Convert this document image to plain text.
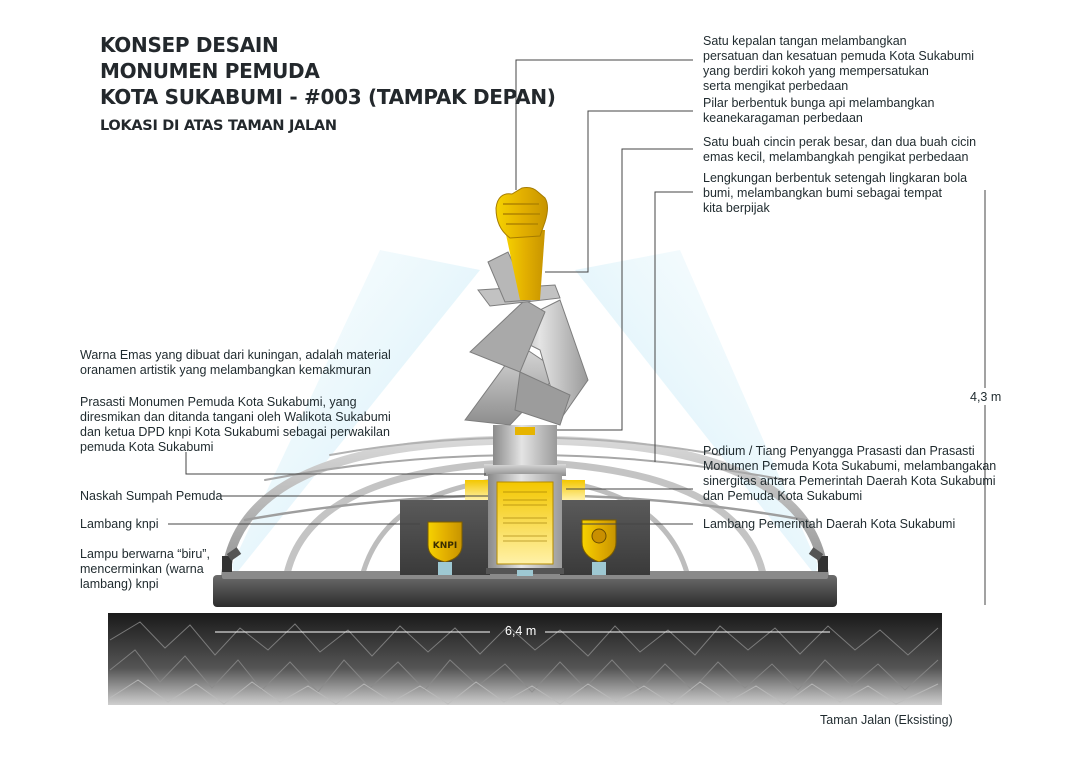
KNPI
KONSEP DESAIN
MONUMEN PEMUDA
KOTA SUKABUMI - #003 (TAMPAK DEPAN)
LOKASI DI ATAS TAMAN JALAN
Satu kepalan tangan melambangkan
persatuan dan kesatuan pemuda Kota Sukabumi
yang berdiri kokoh yang mempersatukan
serta mengikat perbedaan
Pilar berbentuk bunga api melambangkan
keanekaragaman perbedaan
Satu buah cincin perak besar, dan dua buah cicin
emas kecil, melambangkah pengikat perbedaan
Lengkungan berbentuk setengah lingkaran bola
bumi, melambangkan bumi sebagai tempat
kita berpijak
Warna Emas yang dibuat dari kuningan, adalah material
oranamen artistik yang melambangkan kemakmuran
Prasasti Monumen Pemuda Kota Sukabumi, yang
diresmikan dan ditanda tangani oleh Walikota Sukabumi
dan ketua DPD knpi Kota Sukabumi sebagai perwakilan
pemuda Kota Sukabumi
Naskah Sumpah Pemuda
Lambang knpi
Lampu berwarna “biru”,
mencerminkan (warna
lambang) knpi
Podium / Tiang Penyangga Prasasti dan Prasasti
Monumen Pemuda Kota Sukabumi, melambangakan
sinergitas antara Pemerintah Daerah Kota Sukabumi
dan Pemuda Kota Sukabumi
Lambang Pemerintah Daerah Kota Sukabumi
4,3 m
6,4 m
Taman Jalan (Eksisting)
